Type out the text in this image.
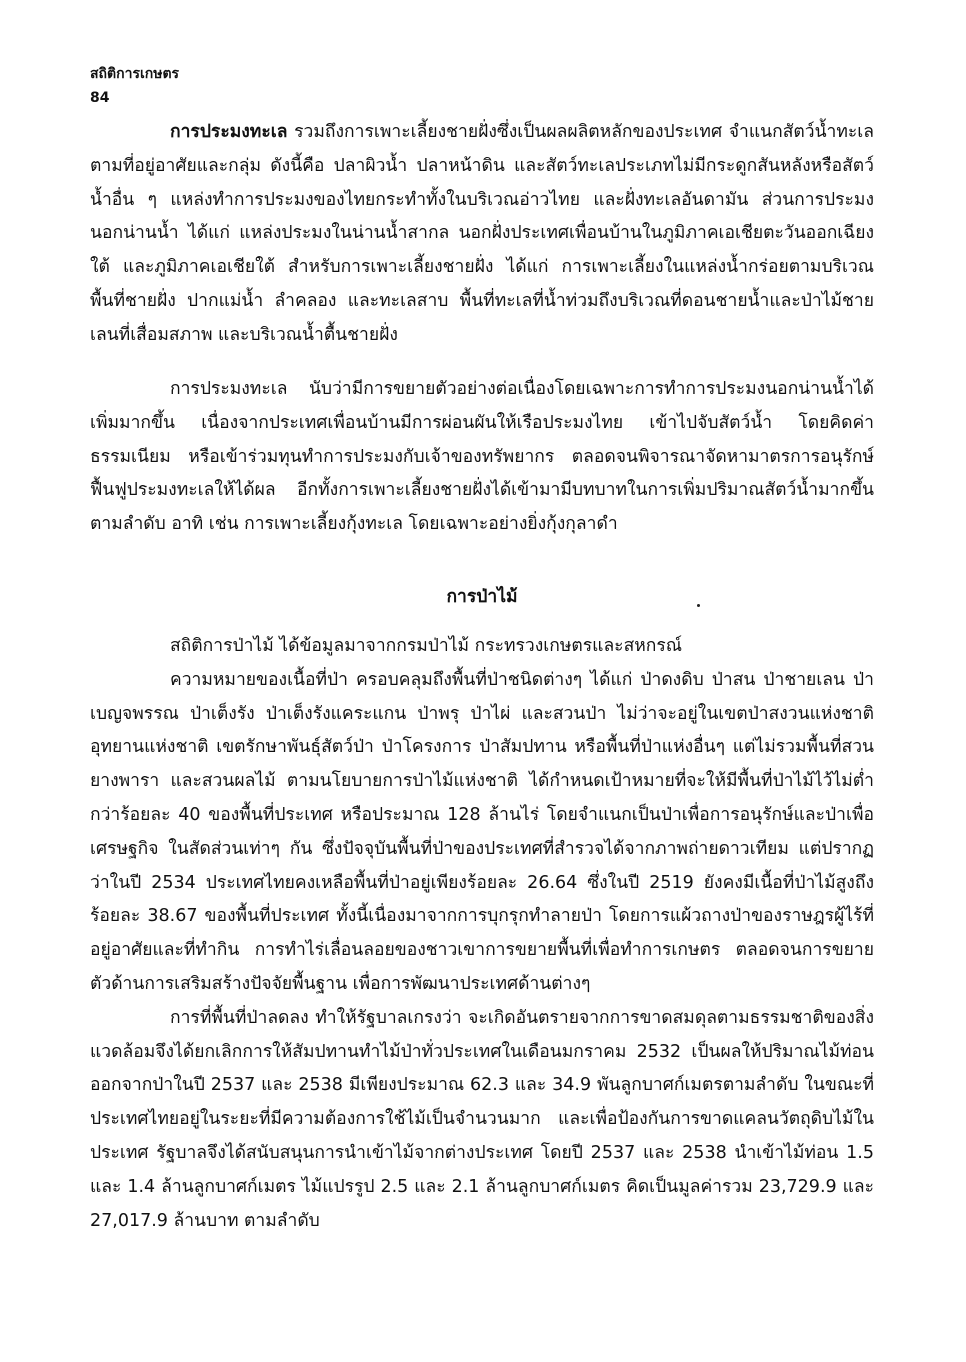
สถิติการเกษตร
84

การประมงทะเล รวมถึงการเพาะเลี้ยงชายฝั่งซึ่งเป็นผลผลิตหลักของประเทศ จำแนกสัตว์น้ำทะเล ตามที่อยู่อาศัยและกลุ่ม ดังนี้คือ ปลาผิวน้ำ ปลาหน้าดิน และสัตว์ทะเลประเภทไม่มีกระดูกสันหลังหรือสัตว์น้ำอื่น ๆ แหล่งทำการประมงของไทยกระทำทั้งในบริเวณอ่าวไทย และฝั่งทะเลอันดามัน ส่วนการประมงนอกน่านน้ำ ได้แก่ แหล่งประมงในน่านน้ำสากล นอกฝั่งประเทศเพื่อนบ้านในภูมิภาคเอเชียตะวันออกเฉียงใต้ และภูมิภาคเอเชียใต้ สำหรับการเพาะเลี้ยงชายฝั่ง ได้แก่ การเพาะเลี้ยงในแหล่งน้ำกร่อยตามบริเวณพื้นที่ชายฝั่ง ปากแม่น้ำ ลำคลอง และทะเลสาบ พื้นที่ทะเลที่น้ำท่วมถึงบริเวณที่ดอนชายน้ำและป่าไม้ชายเลนที่เสื่อมสภาพ และบริเวณน้ำตื้นชายฝั่ง

การประมงทะเล นับว่ามีการขยายตัวอย่างต่อเนื่องโดยเฉพาะการทำการประมงนอกน่านน้ำได้เพิ่มมากขึ้น เนื่องจากประเทศเพื่อนบ้านมีการผ่อนผันให้เรือประมงไทย เข้าไปจับสัตว์น้ำ โดยคิดค่าธรรมเนียม หรือเข้าร่วมทุนทำการประมงกับเจ้าของทรัพยากร ตลอดจนพิจารณาจัดหามาตรการอนุรักษ์ฟื้นฟูประมงทะเลให้ได้ผล อีกทั้งการเพาะเลี้ยงชายฝั่งได้เข้ามามีบทบาทในการเพิ่มปริมาณสัตว์น้ำมากขึ้นตามลำดับ อาทิ เช่น การเพาะเลี้ยงกุ้งทะเล โดยเฉพาะอย่างยิ่งกุ้งกุลาดำ

การป่าไม้

สถิติการป่าไม้ ได้ข้อมูลมาจากกรมป่าไม้ กระทรวงเกษตรและสหกรณ์

ความหมายของเนื้อที่ป่า ครอบคลุมถึงพื้นที่ป่าชนิดต่างๆ ได้แก่ ป่าดงดิบ ป่าสน ป่าชายเลน ป่าเบญจพรรณ ป่าเต็งรัง ป่าเต็งรังแคระแกน ป่าพรุ ป่าไผ่ และสวนป่า ไม่ว่าจะอยู่ในเขตป่าสงวนแห่งชาติ อุทยานแห่งชาติ เขตรักษาพันธุ์สัตว์ป่า ป่าโครงการ ป่าสัมปทาน หรือพื้นที่ป่าแห่งอื่นๆ แต่ไม่รวมพื้นที่สวนยางพารา และสวนผลไม้ ตามนโยบายการป่าไม้แห่งชาติ ได้กำหนดเป้าหมายที่จะให้มีพื้นที่ป่าไม้ไว้ไม่ต่ำกว่าร้อยละ 40 ของพื้นที่ประเทศ หรือประมาณ 128 ล้านไร่ โดยจำแนกเป็นป่าเพื่อการอนุรักษ์และป่าเพื่อเศรษฐกิจ ในสัดส่วนเท่าๆ กัน ซึ่งปัจจุบันพื้นที่ป่าของประเทศที่สำรวจได้จากภาพถ่ายดาวเทียม แต่ปรากฏว่าในปี 2534 ประเทศไทยคงเหลือพื้นที่ป่าอยู่เพียงร้อยละ 26.64 ซึ่งในปี 2519 ยังคงมีเนื้อที่ป่าไม้สูงถึงร้อยละ 38.67 ของพื้นที่ประเทศ ทั้งนี้เนื่องมาจากการบุกรุกทำลายป่า โดยการแผ้วถางป่าของราษฎรผู้ไร้ที่อยู่อาศัยและที่ทำกิน การทำไร่เลื่อนลอยของชาวเขาการขยายพื้นที่เพื่อทำการเกษตร ตลอดจนการขยายตัวด้านการเสริมสร้างปัจจัยพื้นฐาน เพื่อการพัฒนาประเทศด้านต่างๆ

การที่พื้นที่ป่าลดลง ทำให้รัฐบาลเกรงว่า จะเกิดอันตรายจากการขาดสมดุลตามธรรมชาติของสิ่งแวดล้อมจึงได้ยกเลิกการให้สัมปทานทำไม้ป่าทั่วประเทศในเดือนมกราคม 2532 เป็นผลให้ปริมาณไม้ท่อนออกจากป่าในปี 2537 และ 2538 มีเพียงประมาณ 62.3 และ 34.9 พันลูกบาศก์เมตรตามลำดับ ในขณะที่ประเทศไทยอยู่ในระยะที่มีความต้องการใช้ไม้เป็นจำนวนมาก และเพื่อป้องกันการขาดแคลนวัตถุดิบไม้ในประเทศ รัฐบาลจึงได้สนับสนุนการนำเข้าไม้จากต่างประเทศ โดยปี 2537 และ 2538 นำเข้าไม้ท่อน 1.5 และ 1.4 ล้านลูกบาศก์เมตร ไม้แปรรูป 2.5 และ 2.1 ล้านลูกบาศก์เมตร คิดเป็นมูลค่ารวม 23,729.9 และ 27,017.9 ล้านบาท ตามลำดับ
